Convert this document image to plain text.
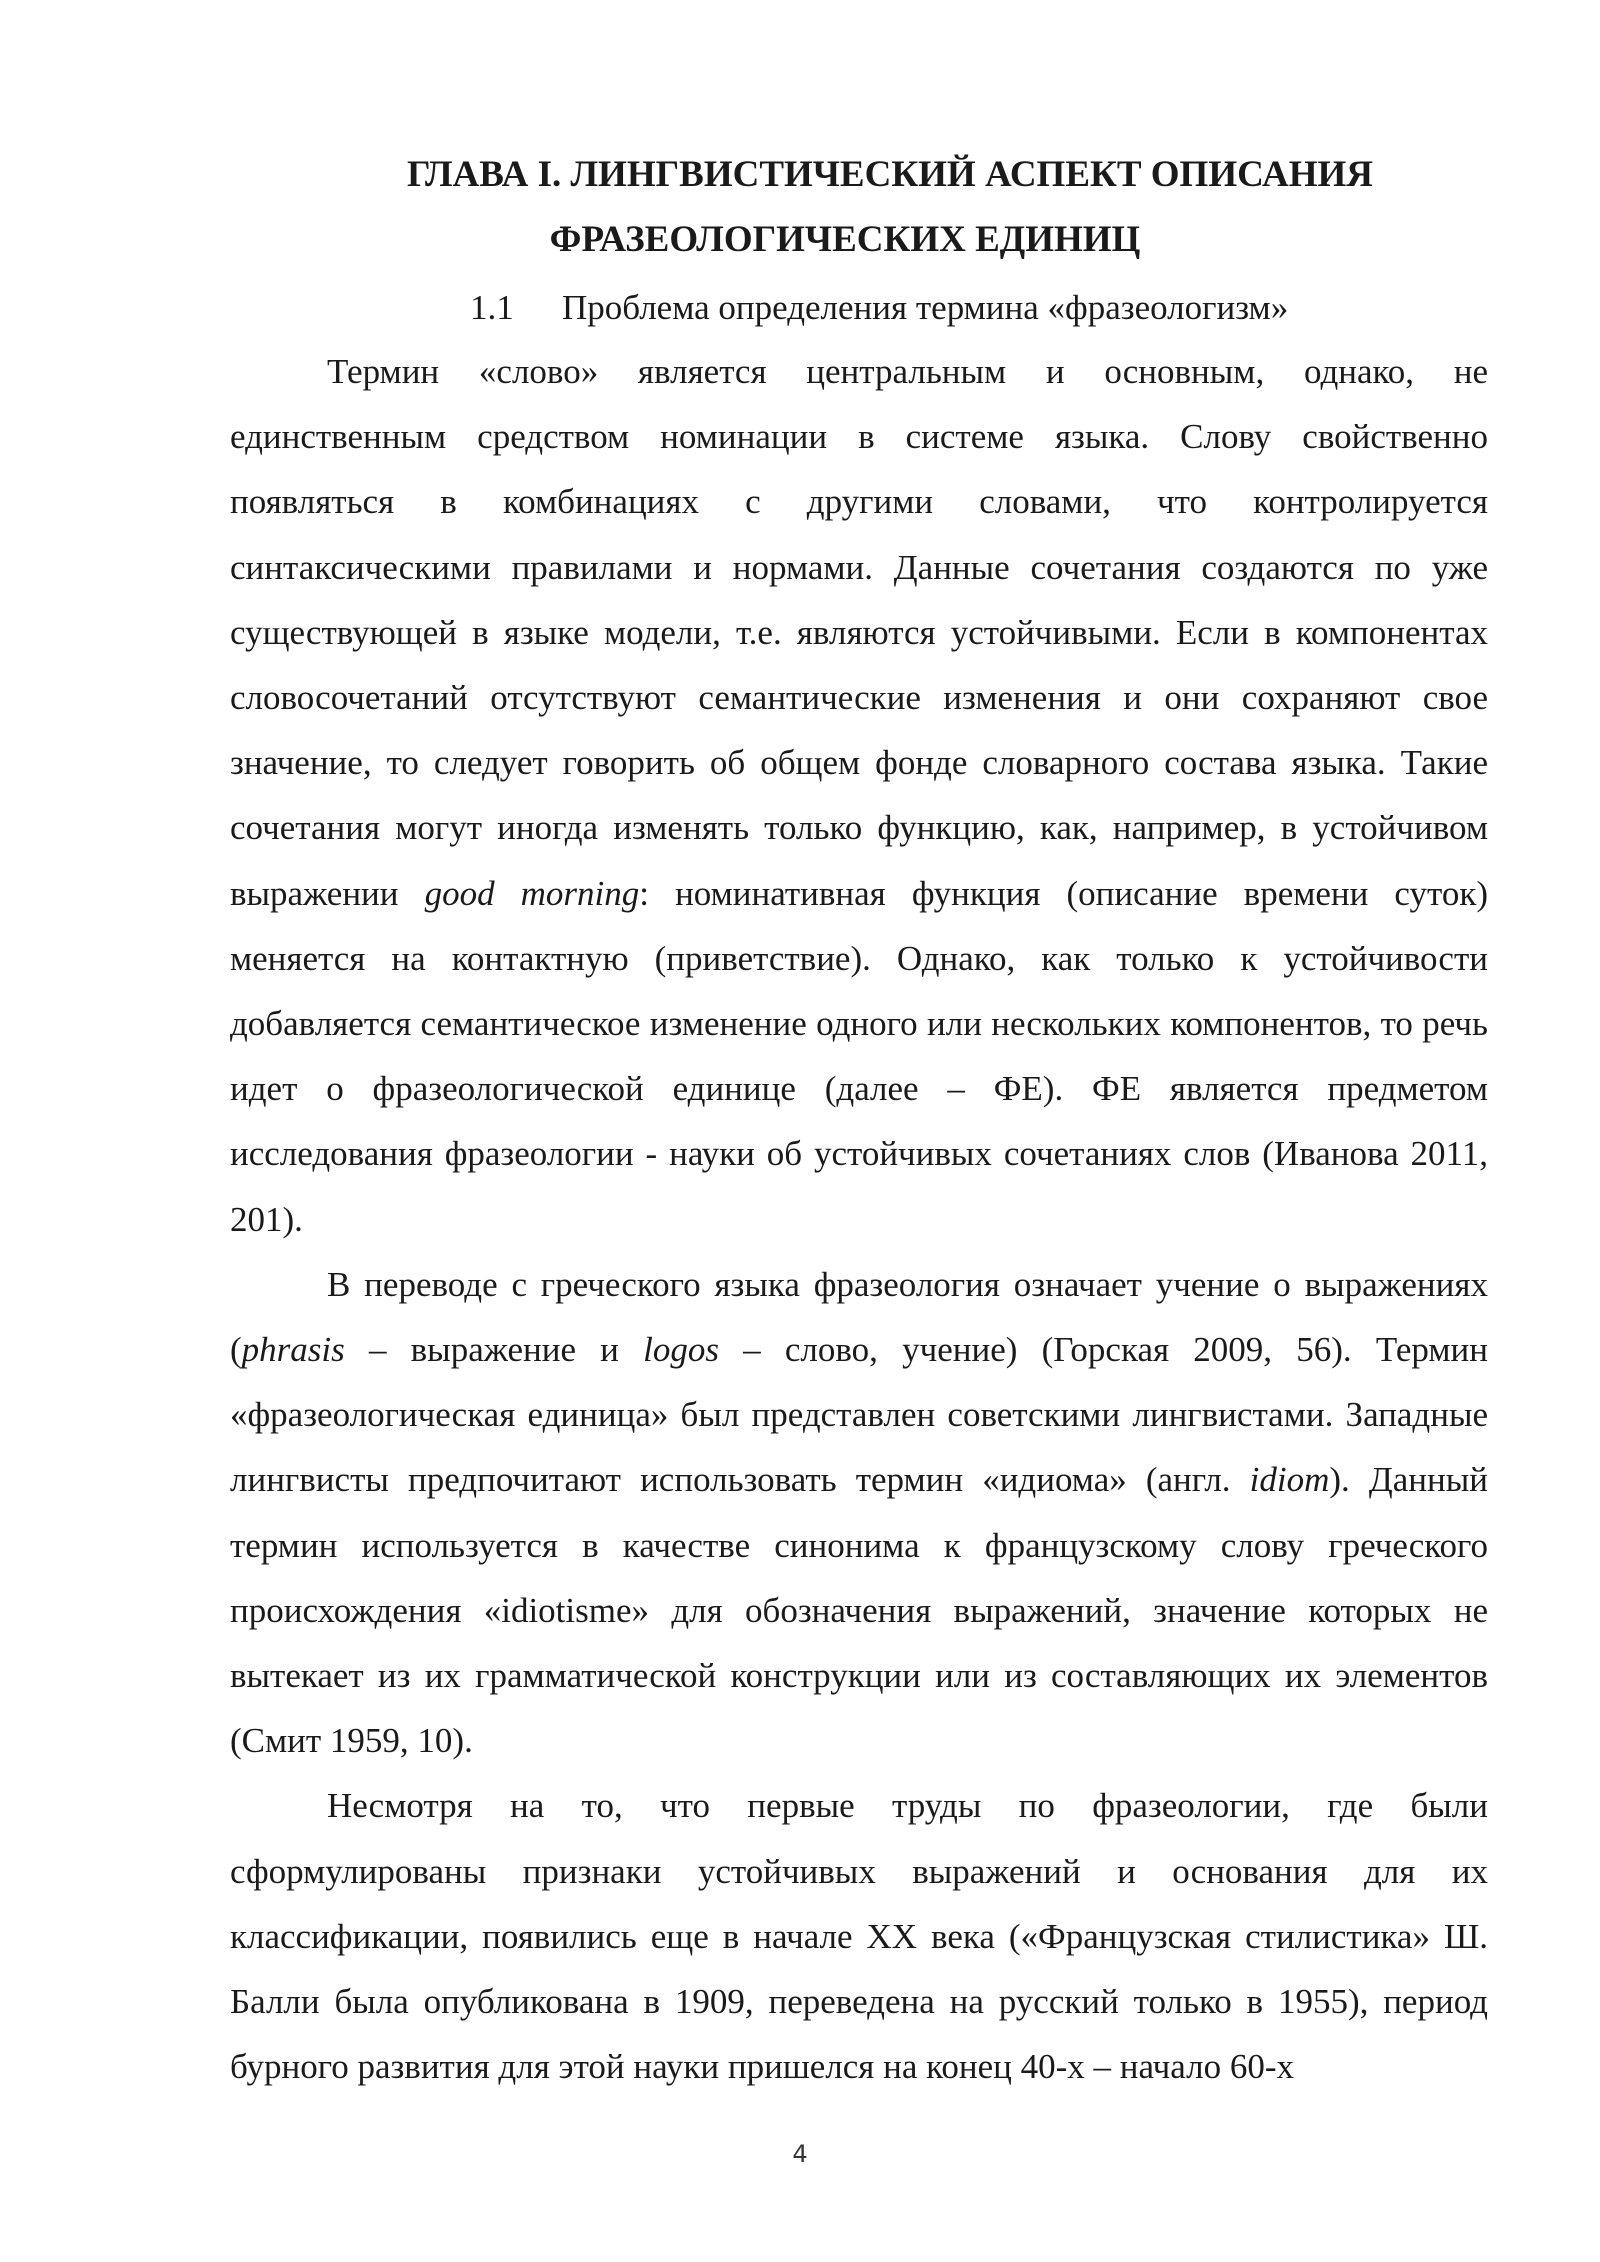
ГЛАВА I. ЛИНГВИСТИЧЕСКИЙ АСПЕКТ ОПИСАНИЯ
ФРАЗЕОЛОГИЧЕСКИХ ЕДИНИЦ
1.1 Проблема определения термина «фразеологизм»

Термин «слово» является центральным и основным, однако, не единственным средством номинации в системе языка. Слову свойственно появляться в комбинациях с другими словами, что контролируется синтаксическими правилами и нормами. Данные сочетания создаются по уже существующей в языке модели, т.е. являются устойчивыми. Если в компонентах словосочетаний отсутствуют семантические изменения и они сохраняют свое значение, то следует говорить об общем фонде словарного состава языка. Такие сочетания могут иногда изменять только функцию, как, например, в устойчивом выражении good morning: номинативная функция (описание времени суток) меняется на контактную (приветствие). Однако, как только к устойчивости добавляется семантическое изменение одного или нескольких компонентов, то речь идет о фразеологической единице (далее – ФЕ). ФЕ является предметом исследования фразеологии - науки об устойчивых сочетаниях слов (Иванова 2011, 201).

В переводе с греческого языка фразеология означает учение о выражениях (phrasis – выражение и logos – слово, учение) (Горская 2009, 56). Термин «фразеологическая единица» был представлен советскими лингвистами. Западные лингвисты предпочитают использовать термин «идиома» (англ. idiom). Данный термин используется в качестве синонима к французскому слову греческого происхождения «idiotisme» для обозначения выражений, значение которых не вытекает из их грамматической конструкции или из составляющих их элементов (Смит 1959, 10).

Несмотря на то, что первые труды по фразеологии, где были сформулированы признаки устойчивых выражений и основания для их классификации, появились еще в начале XX века («Французская стилистика» Ш. Балли была опубликована в 1909, переведена на русский только в 1955), период бурного развития для этой науки пришелся на конец 40-х – начало 60-х

4
